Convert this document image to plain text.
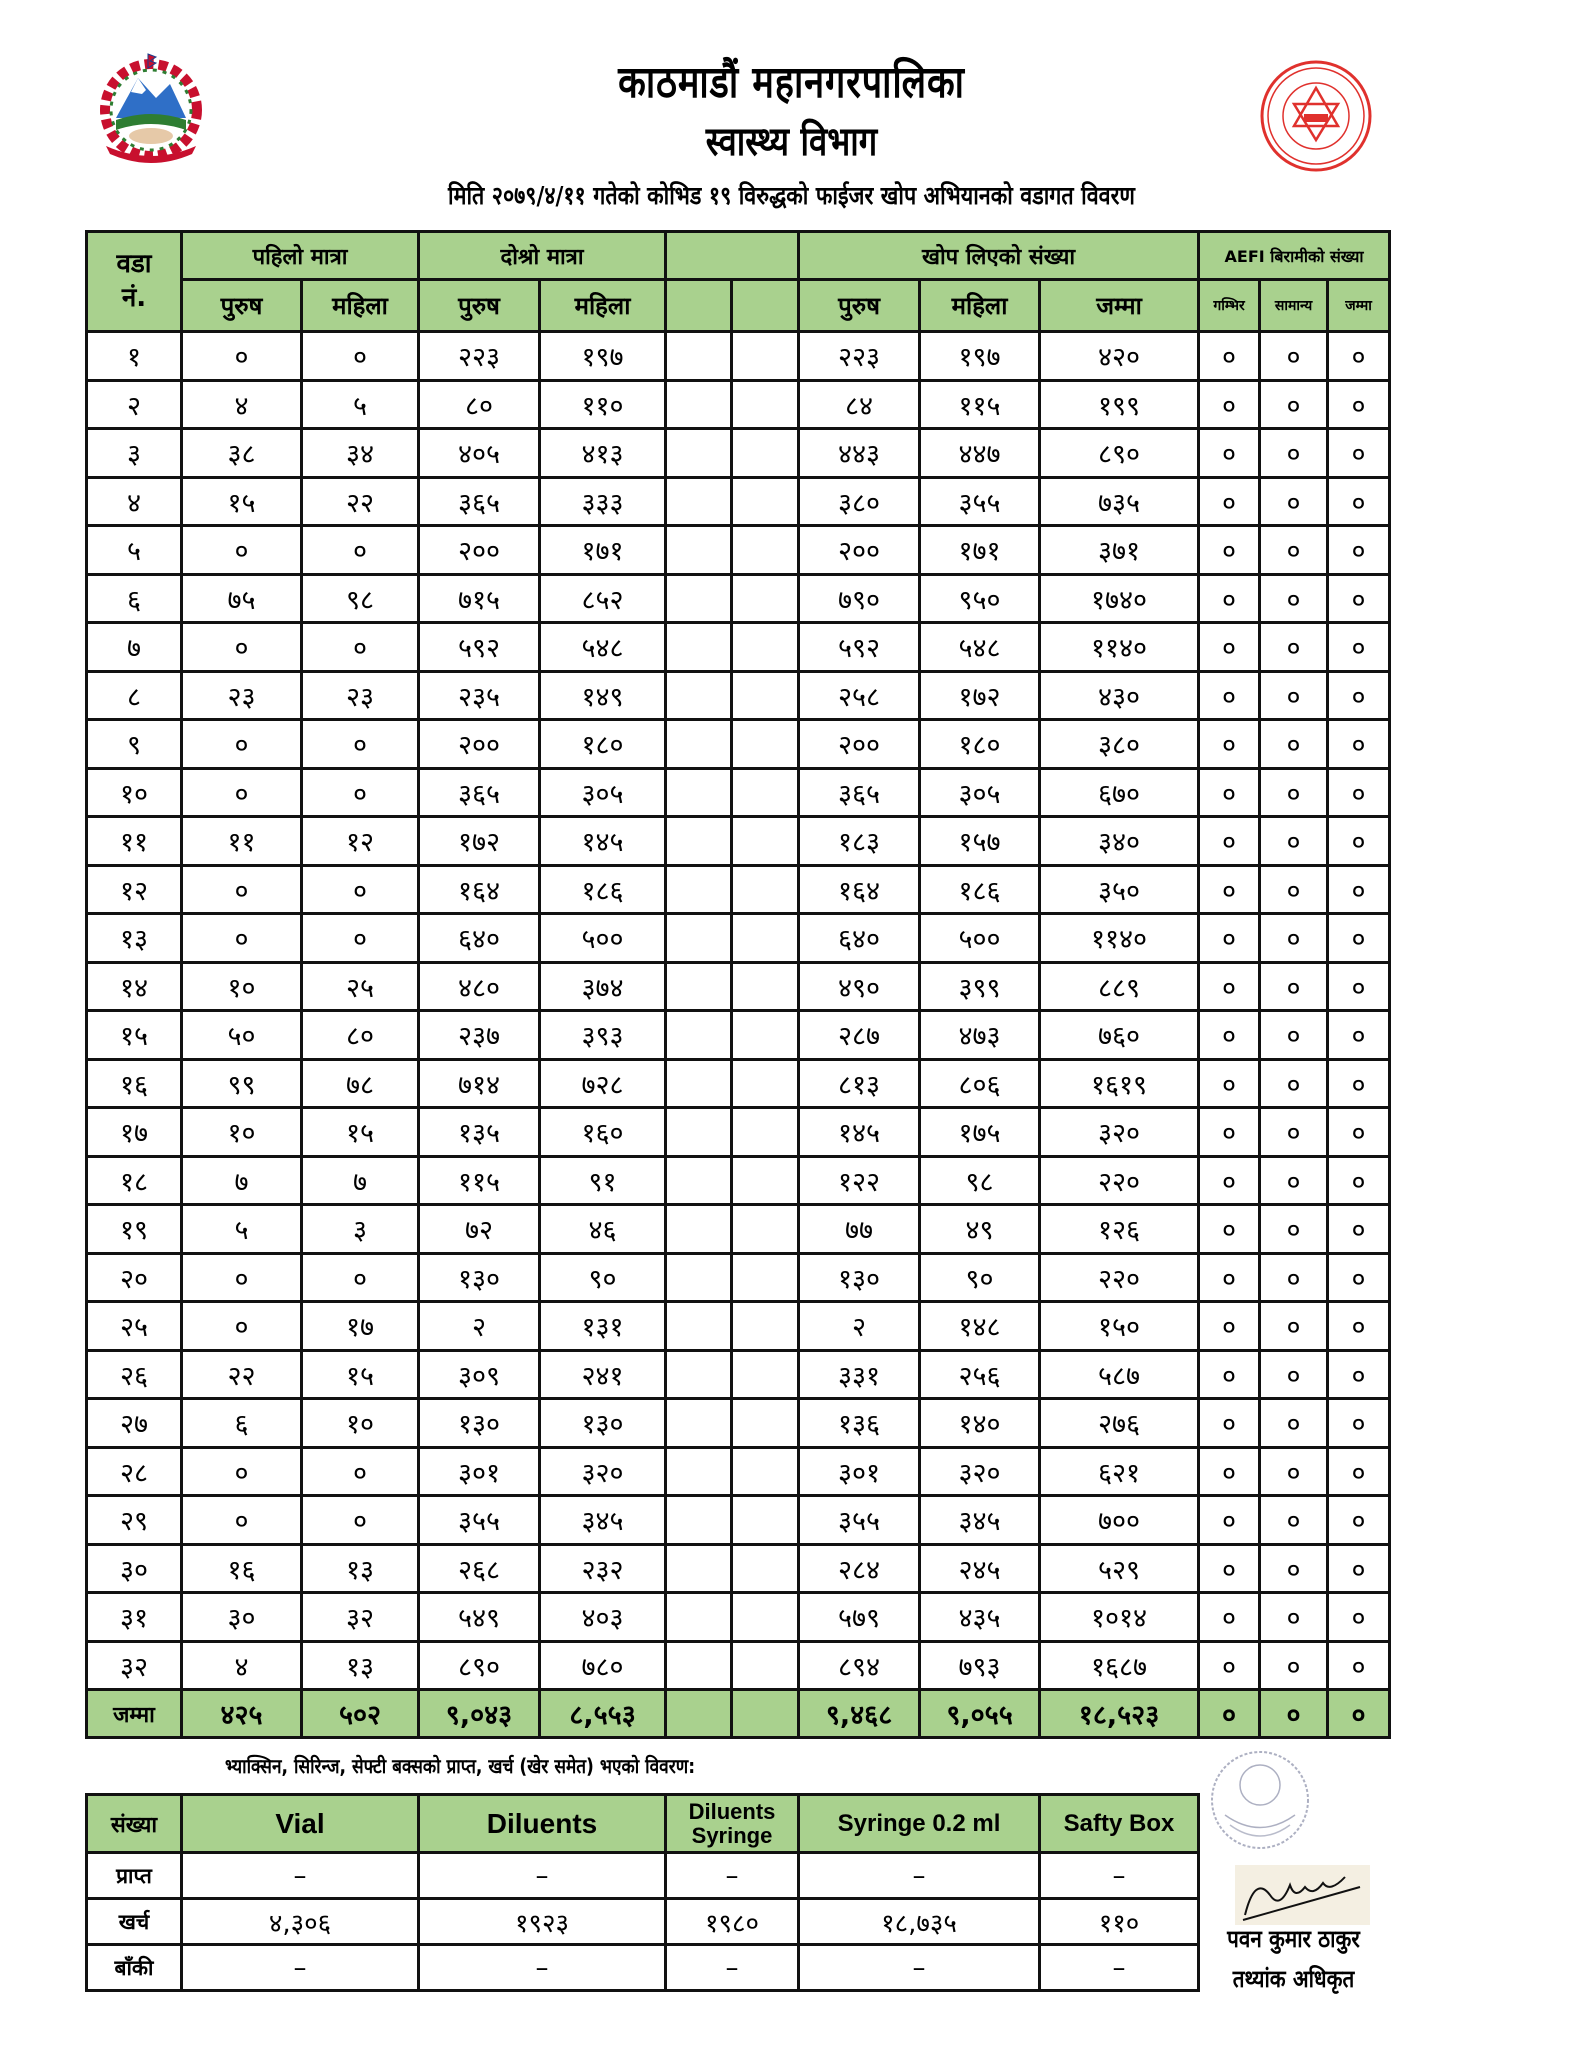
काठमाडौं महानगरपालिका
स्वास्थ्य विभाग
मिति २०७९/४/११ गतेको कोभिड १९ विरुद्धको फाईजर खोप अभियानको वडागत विवरण
वडा नं.	पहिलो मात्रा		दोश्रो मात्रा				खोप लिएको संख्या			AEFI बिरामीको संख्या		
	पुरुष	महिला	पुरुष	महिला			पुरुष	महिला	जम्मा	गम्भिर	सामान्य	जम्मा
१	०	०	२२३	१९७			२२३	१९७	४२०	०	०	०
२	४	५	८०	११०			८४	११५	१९९	०	०	०
३	३८	३४	४०५	४१३			४४३	४४७	८९०	०	०	०
४	१५	२२	३६५	३३३			३८०	३५५	७३५	०	०	०
५	०	०	२००	१७१			२००	१७१	३७१	०	०	०
६	७५	९८	७१५	८५२			७९०	९५०	१७४०	०	०	०
७	०	०	५९२	५४८			५९२	५४८	११४०	०	०	०
८	२३	२३	२३५	१४९			२५८	१७२	४३०	०	०	०
९	०	०	२००	१८०			२००	१८०	३८०	०	०	०
१०	०	०	३६५	३०५			३६५	३०५	६७०	०	०	०
११	११	१२	१७२	१४५			१८३	१५७	३४०	०	०	०
१२	०	०	१६४	१८६			१६४	१८६	३५०	०	०	०
१३	०	०	६४०	५००			६४०	५००	११४०	०	०	०
१४	१०	२५	४८०	३७४			४९०	३९९	८८९	०	०	०
१५	५०	८०	२३७	३९३			२८७	४७३	७६०	०	०	०
१६	९९	७८	७१४	७२८			८१३	८०६	१६१९	०	०	०
१७	१०	१५	१३५	१६०			१४५	१७५	३२०	०	०	०
१८	७	७	११५	९१			१२२	९८	२२०	०	०	०
१९	५	३	७२	४६			७७	४९	१२६	०	०	०
२०	०	०	१३०	९०			१३०	९०	२२०	०	०	०
२५	०	१७	२	१३१			२	१४८	१५०	०	०	०
२६	२२	१५	३०९	२४१			३३१	२५६	५८७	०	०	०
२७	६	१०	१३०	१३०			१३६	१४०	२७६	०	०	०
२८	०	०	३०१	३२०			३०१	३२०	६२१	०	०	०
२९	०	०	३५५	३४५			३५५	३४५	७००	०	०	०
३०	१६	१३	२६८	२३२			२८४	२४५	५२९	०	०	०
३१	३०	३२	५४९	४०३			५७९	४३५	१०१४	०	०	०
३२	४	१३	८९०	७८०			८९४	७९३	१६८७	०	०	०
जम्मा	४२५	५०२	९,०४३	८,५५३			९,४६८	९,०५५	१८,५२३	०	०	०
भ्याक्सिन, सिरिन्ज, सेफ्टी बक्सको प्राप्त, खर्च (खेर समेत) भएको विवरण:
संख्या	Vial	Diluents	Diluents Syringe	Syringe 0.2 ml	Safty Box
प्राप्त	–	–	–	–	–
खर्च	४,३०६	१९२३	१९८०	१८,७३५	११०
बाँकी	–	–	–	–	–
पवन कुमार ठाकुर
तथ्यांक अधिकृत
